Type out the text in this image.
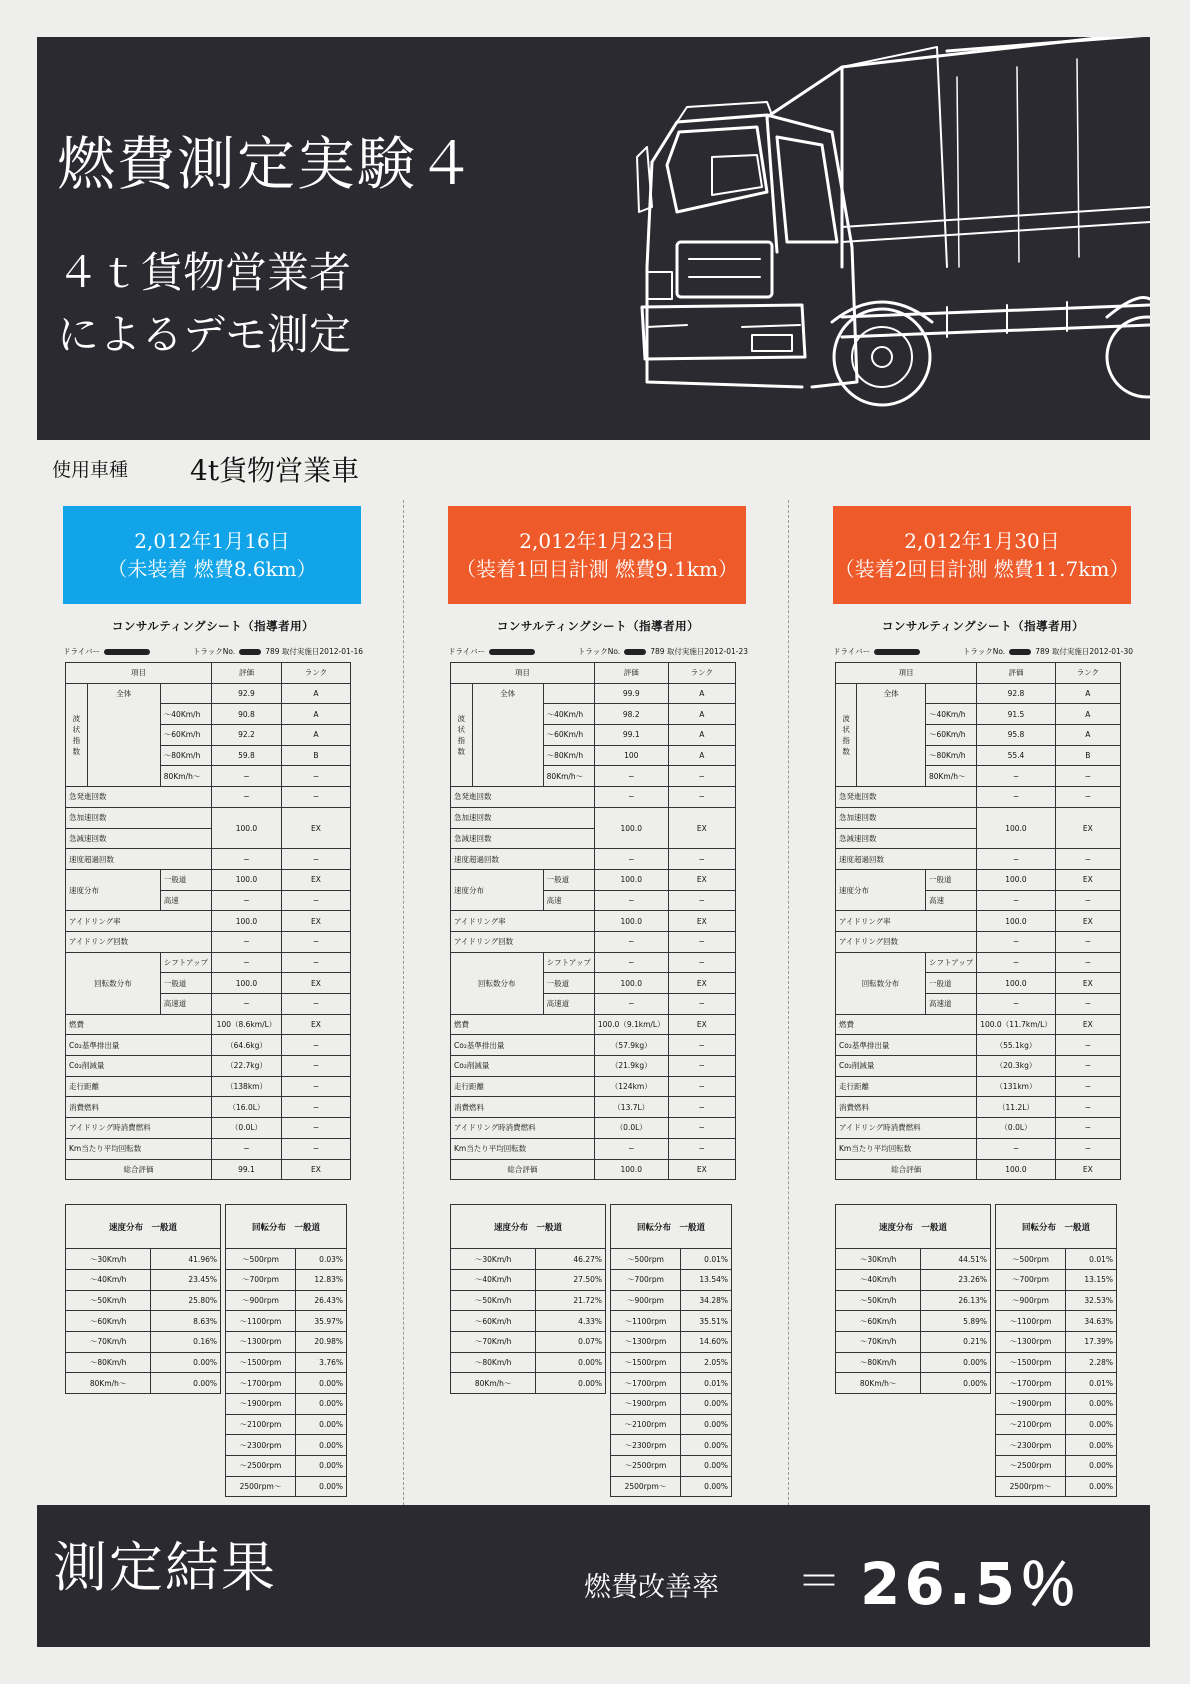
燃費測定実験４
４ｔ貨物営業者
によるデモ測定
使用車種 4t貨物営業車
2,012年1月16日
（未装着 燃費8.6km）
コンサルティングシート（指導者用）
ドライバー	トラックNo.	789 取付実施日2012-01-16
項目			評価	ランク
波
状
指
数	全体		92.9	A
		〜40Km/h	90.8	A
		〜60Km/h	92.2	A
		〜80Km/h	59.8	B
		80Km/h〜	−	−
急発進回数			−	−
急加速回数			100.0	EX
急減速回数				
速度超過回数			−	−
速度分布		一般道	100.0	EX
		高速	−	−
アイドリング率			100.0	EX
アイドリング回数			−	−
回転数分布		シフトアップ	−	−
		一般道	100.0	EX
		高速道	−	−
燃費			100（8.6km/L）	EX
Co₂基準排出量			（64.6kg）	−
Co₂削減量			（22.7kg）	−
走行距離			（138km）	−
消費燃料			（16.0L）	−
アイドリング時消費燃料			（0.0L）	−
Km当たり平均回転数			−	−
総合評価			99.1	EX
速度分布　一般道	
〜30Km/h	41.96%
〜40Km/h	23.45%
〜50Km/h	25.80%
〜60Km/h	8.63%
〜70Km/h	0.16%
〜80Km/h	0.00%
80Km/h〜	0.00%
回転分布　一般道	
〜500rpm	0.03%
〜700rpm	12.83%
〜900rpm	26.43%
〜1100rpm	35.97%
〜1300rpm	20.98%
〜1500rpm	3.76%
〜1700rpm	0.00%
〜1900rpm	0.00%
〜2100rpm	0.00%
〜2300rpm	0.00%
〜2500rpm	0.00%
2500rpm〜	0.00%
2,012年1月23日
（装着1回目計測 燃費9.1km）
コンサルティングシート（指導者用）
ドライバー	トラックNo.	789 取付実施日2012-01-23
項目			評価	ランク
波
状
指
数	全体		99.9	A
		〜40Km/h	98.2	A
		〜60Km/h	99.1	A
		〜80Km/h	100	A
		80Km/h〜	−	−
急発進回数			−	−
急加速回数			100.0	EX
急減速回数				
速度超過回数			−	−
速度分布		一般道	100.0	EX
		高速	−	−
アイドリング率			100.0	EX
アイドリング回数			−	−
回転数分布		シフトアップ	−	−
		一般道	100.0	EX
		高速道	−	−
燃費			100.0（9.1km/L）	EX
Co₂基準排出量			（57.9kg）	−
Co₂削減量			（21.9kg）	−
走行距離			（124km）	−
消費燃料			（13.7L）	−
アイドリング時消費燃料			（0.0L）	−
Km当たり平均回転数			−	−
総合評価			100.0	EX
速度分布　一般道	
〜30Km/h	46.27%
〜40Km/h	27.50%
〜50Km/h	21.72%
〜60Km/h	4.33%
〜70Km/h	0.07%
〜80Km/h	0.00%
80Km/h〜	0.00%
回転分布　一般道	
〜500rpm	0.01%
〜700rpm	13.54%
〜900rpm	34.28%
〜1100rpm	35.51%
〜1300rpm	14.60%
〜1500rpm	2.05%
〜1700rpm	0.01%
〜1900rpm	0.00%
〜2100rpm	0.00%
〜2300rpm	0.00%
〜2500rpm	0.00%
2500rpm〜	0.00%
2,012年1月30日
（装着2回目計測 燃費11.7km）
コンサルティングシート（指導者用）
ドライバー	トラックNo.	789 取付実施日2012-01-30
項目			評価	ランク
波
状
指
数	全体		92.8	A
		〜40Km/h	91.5	A
		〜60Km/h	95.8	A
		〜80Km/h	55.4	B
		80Km/h〜	−	−
急発進回数			−	−
急加速回数			100.0	EX
急減速回数				
速度超過回数			−	−
速度分布		一般道	100.0	EX
		高速	−	−
アイドリング率			100.0	EX
アイドリング回数			−	−
回転数分布		シフトアップ	−	−
		一般道	100.0	EX
		高速道	−	−
燃費			100.0（11.7km/L）	EX
Co₂基準排出量			（55.1kg）	−
Co₂削減量			（20.3kg）	−
走行距離			（131km）	−
消費燃料			（11.2L）	−
アイドリング時消費燃料			（0.0L）	−
Km当たり平均回転数			−	−
総合評価			100.0	EX
速度分布　一般道	
〜30Km/h	44.51%
〜40Km/h	23.26%
〜50Km/h	26.13%
〜60Km/h	5.89%
〜70Km/h	0.21%
〜80Km/h	0.00%
80Km/h〜	0.00%
回転分布　一般道	
〜500rpm	0.01%
〜700rpm	13.15%
〜900rpm	32.53%
〜1100rpm	34.63%
〜1300rpm	17.39%
〜1500rpm	2.28%
〜1700rpm	0.01%
〜1900rpm	0.00%
〜2100rpm	0.00%
〜2300rpm	0.00%
〜2500rpm	0.00%
2500rpm〜	0.00%
測定結果	燃費改善率 ＝ 26.5％
